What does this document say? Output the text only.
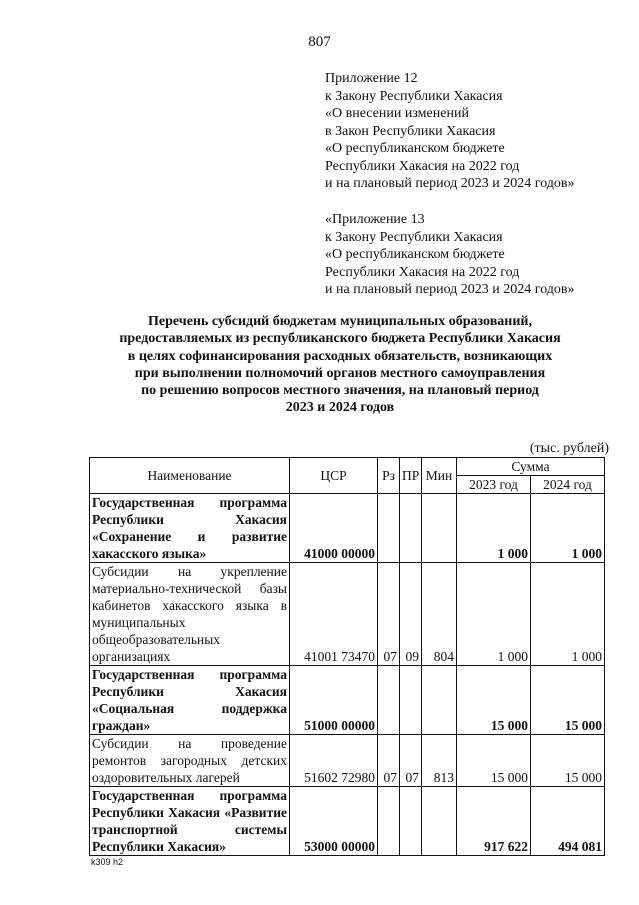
807
Приложение 12
к Закону Республики Хакасия
«О внесении изменений
в Закон Республики Хакасия
«О республиканском бюджете
Республики Хакасия на 2022 год
и на плановый период 2023 и 2024 годов»
«Приложение 13
к Закону Республики Хакасия
«О республиканском бюджете
Республики Хакасия на 2022 год
и на плановый период 2023 и 2024 годов»
Перечень субсидий бюджетам муниципальных образований,
предоставляемых из республиканского бюджета Республики Хакасия
в целях софинансирования расходных обязательств, возникающих
при выполнении полномочий органов местного самоуправления
по решению вопросов местного значения, на плановый период
2023 и 2024 годов
(тыс. рублей)
Наименование	ЦСР	Рз	ПР	Мин	Сумма	
					2023 год	2024 год
Государственная программа Республики Хакасия «Сохранение и развитие хакасского языка»	41000 00000				1 000	1 000
Субсидии на укрепление материально-технической базы кабинетов хакасского языка в муниципальных общеобразовательных организациях	41001 73470	07	09	804	1 000	1 000
Государственная программа Республики Хакасия «Социальная поддержка граждан»	51000 00000				15 000	15 000
Субсидии на проведение ремонтов загородных детских оздоровительных лагерей	51602 72980	07	07	813	15 000	15 000
Государственная программа Республики Хакасия «Развитие транспортной системы Республики Хакасия»	53000 00000				917 622	494 081
k309 h2
